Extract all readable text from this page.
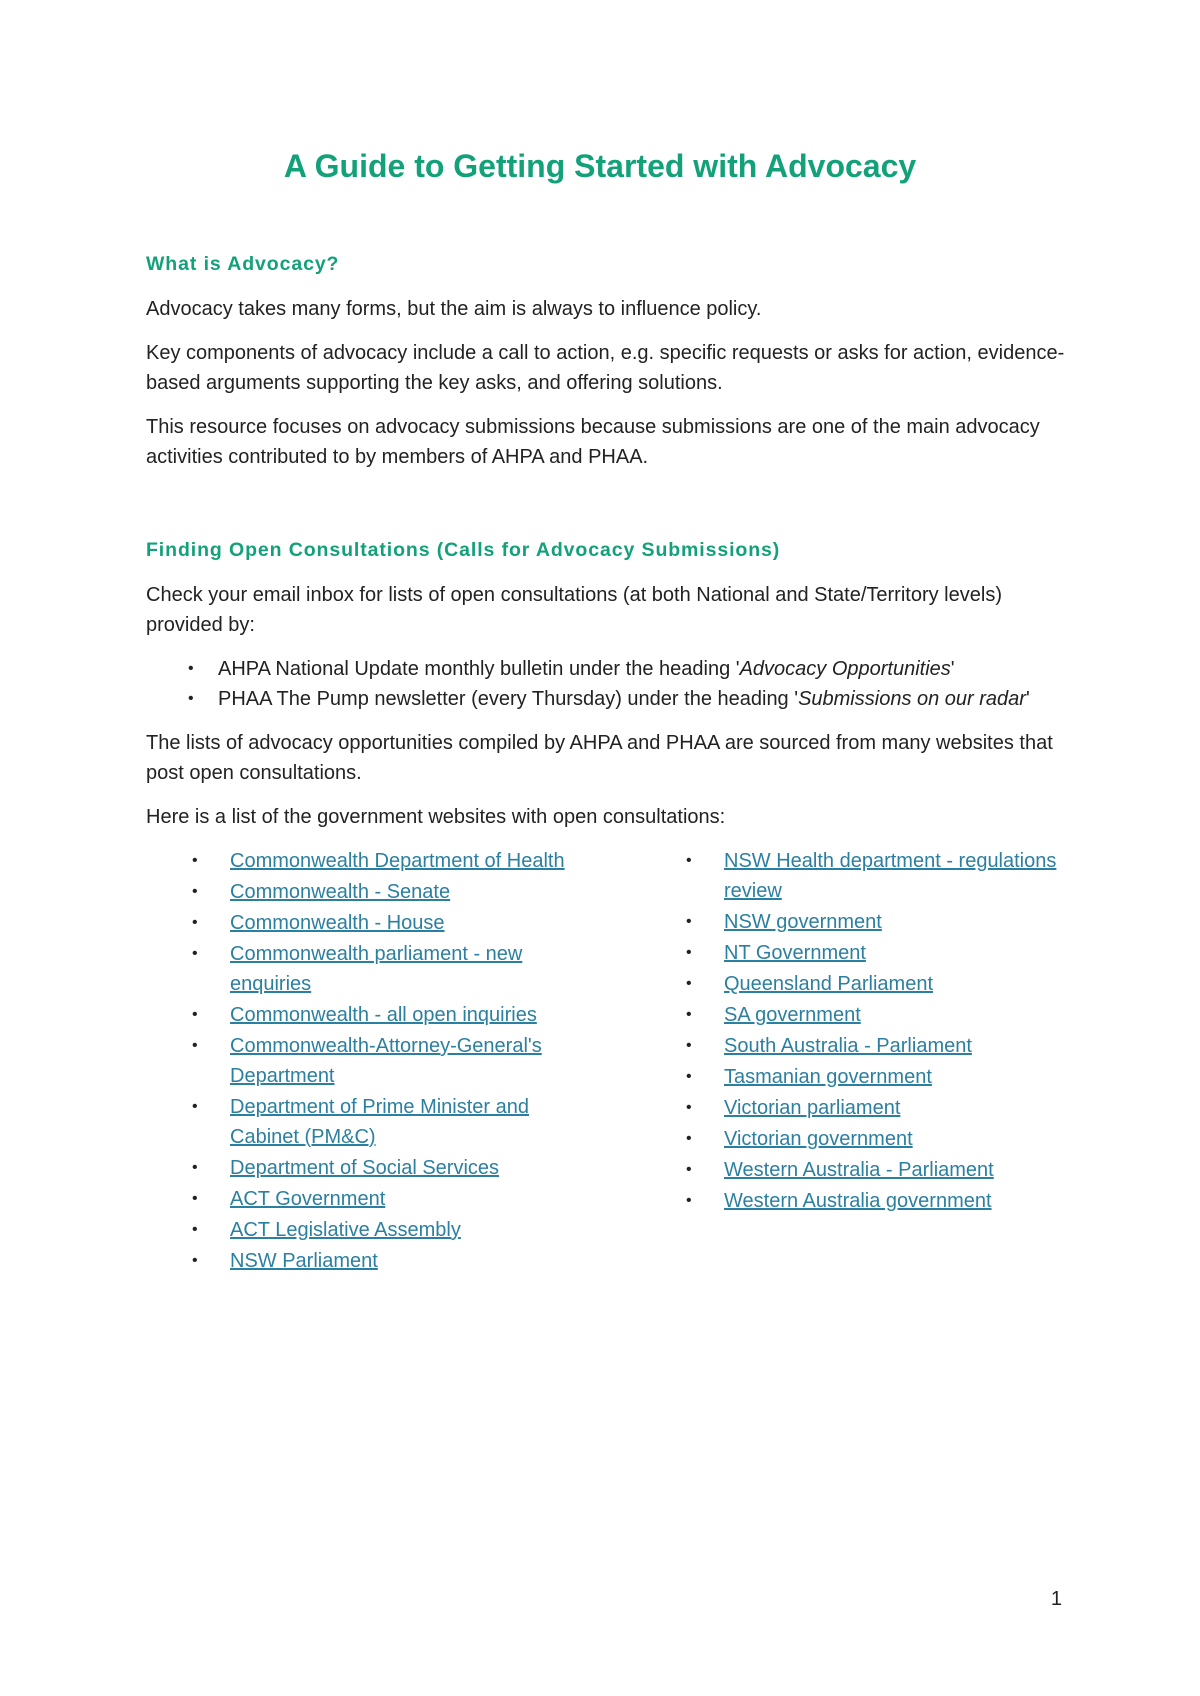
A Guide to Getting Started with Advocacy
What is Advocacy?

Advocacy takes many forms, but the aim is always to influence policy.

Key components of advocacy include a call to action, e.g. specific requests or asks for action, evidence-based arguments supporting the key asks, and offering solutions.

This resource focuses on advocacy submissions because submissions are one of the main advocacy activities contributed to by members of AHPA and PHAA.

Finding Open Consultations (Calls for Advocacy Submissions)

Check your email inbox for lists of open consultations (at both National and State/Territory levels) provided by:

• AHPA National Update monthly bulletin under the heading 'Advocacy Opportunities'
• PHAA The Pump newsletter (every Thursday) under the heading 'Submissions on our radar'

The lists of advocacy opportunities compiled by AHPA and PHAA are sourced from many websites that post open consultations.

Here is a list of the government websites with open consultations:

• Commonwealth Department of Health
• Commonwealth - Senate
• Commonwealth - House
• Commonwealth parliament - new enquiries
• Commonwealth - all open inquiries
• Commonwealth-Attorney-General's Department
• Department of Prime Minister and Cabinet (PM&C)
• Department of Social Services
• ACT Government
• ACT Legislative Assembly
• NSW Parliament
• NSW Health department - regulations review
• NSW government
• NT Government
• Queensland Parliament
• SA government
• South Australia - Parliament
• Tasmanian government
• Victorian parliament
• Victorian government
• Western Australia - Parliament
• Western Australia government
1
